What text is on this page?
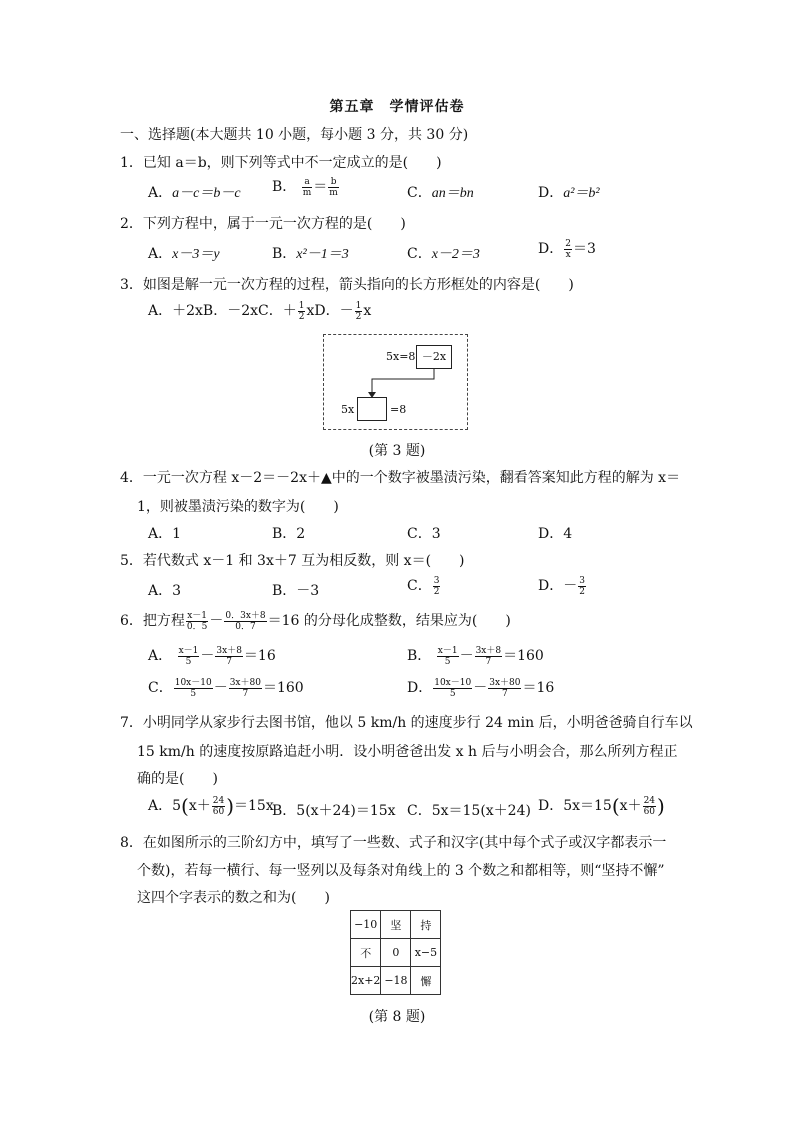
第五章　学情评估卷
一、选择题(本大题共 10 小题，每小题 3 分，共 30 分)
1．已知 a＝b，则下列等式中不一定成立的是(　　)
A．a－c＝b－c B． $\frac{a}{m} = \frac{b}{m}$	C．an＝bn	D．a²＝b²
2．下列方程中，属于一元一次方程的是(　　)
A．x－3＝y	B．x²－1＝3	C．x－2＝3	D． $\frac{2}{x} =3$
3．如图是解一元一次方程的过程，箭头指向的长方形框处的内容是(　　)
A．＋2xB．－2xC．＋ $\frac{1}{2}$ xD．－ $\frac{1}{2}$ x
5x=8 －2x
5x	=8
(第 3 题)
4．一元一次方程 x－2＝－2x＋▲中的一个数字被墨渍污染，翻看答案知此方程的解为 x＝
1，则被墨渍污染的数字为(　　)
A．1	B．2	C．3	D．4
5．若代数式 x－1 和 3x＋7 互为相反数，则 x＝(　　)
A．3	B．－3	C． $\frac{3}{2}$	D．－ $\frac{3}{2}$
6．把方程 $\frac{x-1}{0.5} - \frac{0.3x+8}{0.7} =16$ 的分母化成整数，结果应为(　　)
A． $\frac{x-1}{5} - \frac{3x+8}{7} =16$	B． $\frac{x-1}{5} - \frac{3x+8}{7} =160$
C． $\frac{10x-10}{5} - \frac{3x+80}{7} =160$	D． $\frac{10x-10}{5} - \frac{3x+80}{7} =16$
7．小明同学从家步行去图书馆，他以 5 km/h 的速度步行 24 min 后，小明爸爸骑自行车以
15 km/h 的速度按原路追赶小明．设小明爸爸出发 x h 后与小明会合，那么所列方程正
确的是(　　)
A．$5(x+ \frac{24}{60} )=15x$
B．5(x＋24)＝15x C．5x＝15(x＋24) D．$5x=15(x+ \frac{24}{60}$ )
8．在如图所示的三阶幻方中，填写了一些数、式子和汉字(其中每个式子或汉字都表示一
个数)，若每一横行、每一竖列以及每条对角线上的 3 个数之和都相等，则“坚持不懈”
这四个字表示的数之和为(　　)
−10	坚	持
不	0	x−5
2x+2	−18	懈
(第 8 题)
